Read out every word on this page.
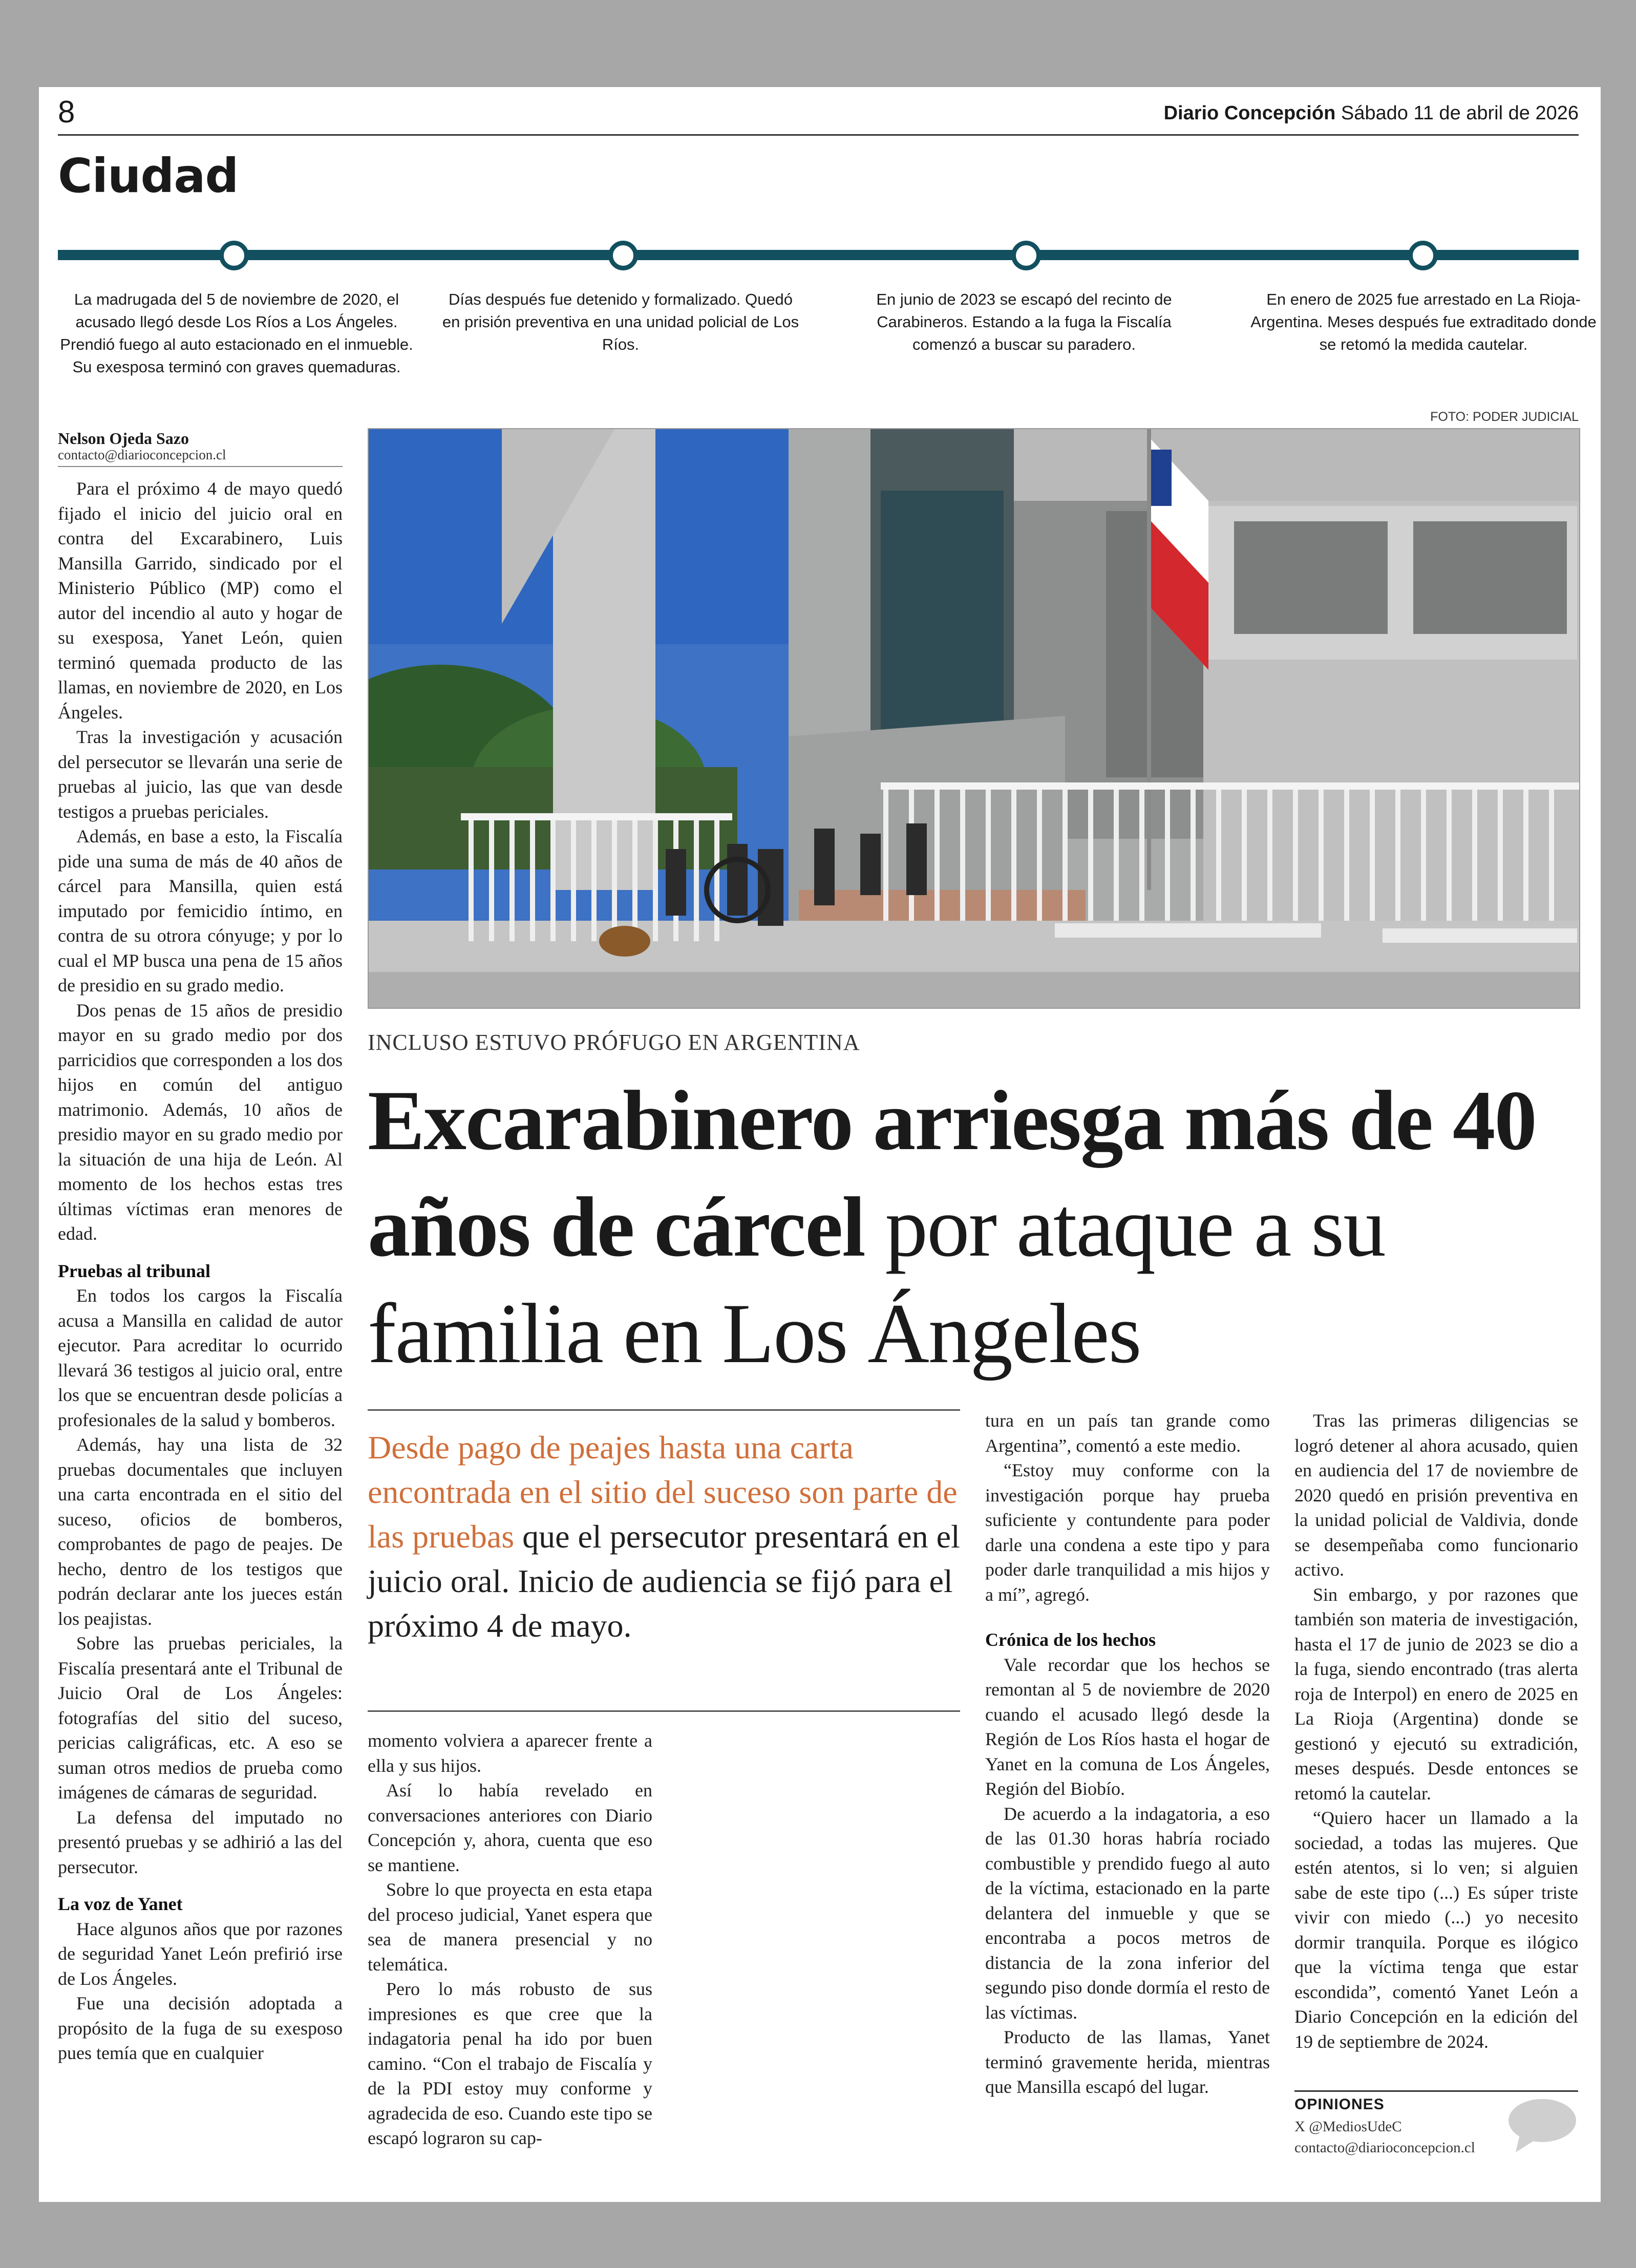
8	Diario Concepción Sábado 11 de abril de 2026
Ciudad
La madrugada del 5 de noviembre de 2020, el acusado llegó desde Los Ríos a Los Ángeles. Prendió fuego al auto estacionado en el inmueble. Su exesposa terminó con graves quemaduras.
Días después fue detenido y formalizado. Quedó en prisión preventiva en una unidad policial de Los Ríos.
En junio de 2023 se escapó del recinto de Carabineros. Estando a la fuga la Fiscalía comenzó a buscar su paradero.
En enero de 2025 fue arrestado en La Rioja-Argentina. Meses después fue extraditado donde se retomó la medida cautelar.
FOTO: PODER JUDICIAL
Nelson Ojeda Sazo
contacto@diarioconcepcion.cl

Para el próximo 4 de mayo quedó fijado el inicio del juicio oral en contra del Excarabinero, Luis Mansilla Garrido, sindicado por el Ministerio Público (MP) como el autor del incendio al auto y hogar de su exesposa, Yanet León, quien terminó quemada producto de las llamas, en noviembre de 2020, en Los Ángeles.

Tras la investigación y acusación del persecutor se llevarán una serie de pruebas al juicio, las que van desde testigos a pruebas periciales.

Además, en base a esto, la Fiscalía pide una suma de más de 40 años de cárcel para Mansilla, quien está imputado por femicidio íntimo, en contra de su otrora cónyuge; y por lo cual el MP busca una pena de 15 años de presidio en su grado medio.

Dos penas de 15 años de presidio mayor en su grado medio por dos parricidios que corresponden a los dos hijos en común del antiguo matrimonio. Además, 10 años de presidio mayor en su grado medio por la situación de una hija de León. Al momento de los hechos estas tres últimas víctimas eran menores de edad.

Pruebas al tribunal

En todos los cargos la Fiscalía acusa a Mansilla en calidad de autor ejecutor. Para acreditar lo ocurrido llevará 36 testigos al juicio oral, entre los que se encuentran desde policías a profesionales de la salud y bomberos.

Además, hay una lista de 32 pruebas documentales que incluyen una carta encontrada en el sitio del suceso, oficios de bomberos, comprobantes de pago de peajes. De hecho, dentro de los testigos que podrán declarar ante los jueces están los peajistas.

Sobre las pruebas periciales, la Fiscalía presentará ante el Tribunal de Juicio Oral de Los Ángeles: fotografías del sitio del suceso, pericias caligráficas, etc. A eso se suman otros medios de prueba como imágenes de cámaras de seguridad.

La defensa del imputado no presentó pruebas y se adhirió a las del persecutor.

La voz de Yanet

Hace algunos años que por razones de seguridad Yanet León prefirió irse de Los Ángeles.

Fue una decisión adoptada a propósito de la fuga de su exesposo pues temía que en cualquier

INCLUSO ESTUVO PRÓFUGO EN ARGENTINA
Excarabinero arriesga más de 40 años de cárcel por ataque a su familia en Los Ángeles
Desde pago de peajes hasta una carta encontrada en el sitio del suceso son parte de las pruebas que el persecutor presentará en el juicio oral. Inicio de audiencia se fijó para el próximo 4 de mayo.

momento volviera a aparecer frente a ella y sus hijos.

Así lo había revelado en conversaciones anteriores con Diario Concepción y, ahora, cuenta que eso se mantiene.

Sobre lo que proyecta en esta etapa del proceso judicial, Yanet espera que sea de manera presencial y no telemática.

Pero lo más robusto de sus impresiones es que cree que la indagatoria penal ha ido por buen camino. “Con el trabajo de Fiscalía y de la PDI estoy muy conforme y agradecida de eso. Cuando este tipo se escapó lograron su cap-

tura en un país tan grande como Argentina”, comentó a este medio.

“Estoy muy conforme con la investigación porque hay prueba suficiente y contundente para poder darle una condena a este tipo y para poder darle tranquilidad a mis hijos y a mí”, agregó.

Crónica de los hechos

Vale recordar que los hechos se remontan al 5 de noviembre de 2020 cuando el acusado llegó desde la Región de Los Ríos hasta el hogar de Yanet en la comuna de Los Ángeles, Región del Biobío.

De acuerdo a la indagatoria, a eso de las 01.30 horas habría rociado combustible y prendido fuego al auto de la víctima, estacionado en la parte delantera del inmueble y que se encontraba a pocos metros de distancia de la zona inferior del segundo piso donde dormía el resto de las víctimas.

Producto de las llamas, Yanet terminó gravemente herida, mientras que Mansilla escapó del lugar.

Tras las primeras diligencias se logró detener al ahora acusado, quien en audiencia del 17 de noviembre de 2020 quedó en prisión preventiva en la unidad policial de Valdivia, donde se desempeñaba como funcionario activo.

Sin embargo, y por razones que también son materia de investigación, hasta el 17 de junio de 2023 se dio a la fuga, siendo encontrado (tras alerta roja de Interpol) en enero de 2025 en La Rioja (Argentina) donde se gestionó y ejecutó su extradición, meses después. Desde entonces se retomó la cautelar.

“Quiero hacer un llamado a la sociedad, a todas las mujeres. Que estén atentos, si lo ven; si alguien sabe de este tipo (...) Es súper triste vivir con miedo (...) yo necesito dormir tranquila. Porque es ilógico que la víctima tenga que estar escondida”, comentó Yanet León a Diario Concepción en la edición del 19 de septiembre de 2024.

OPINIONES
X @MediosUdeC
contacto@diarioconcepcion.cl
